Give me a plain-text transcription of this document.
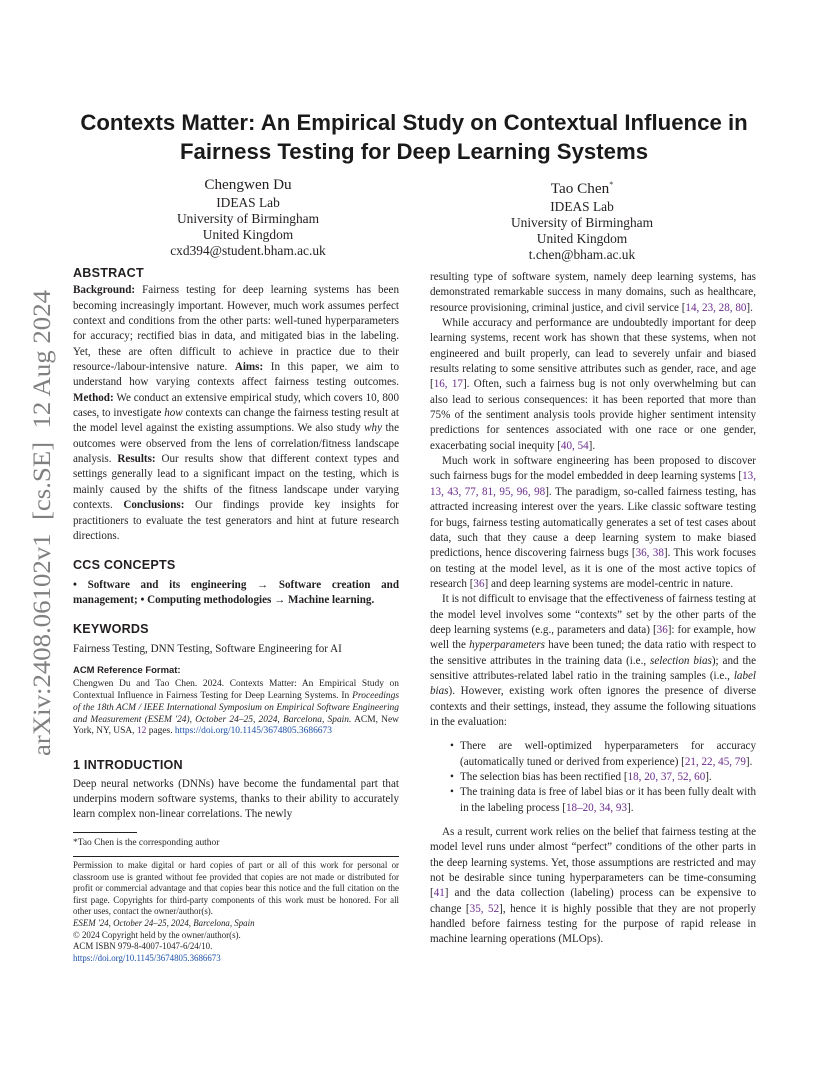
arXiv:2408.06102v1  [cs.SE]  12 Aug 2024
Contexts Matter: An Empirical Study on Contextual Influence in
Fairness Testing for Deep Learning Systems
Chengwen Du
IDEAS Lab
University of Birmingham
United Kingdom
cxd394@student.bham.ac.uk
Tao Chen*
IDEAS Lab
University of Birmingham
United Kingdom
t.chen@bham.ac.uk
ABSTRACT

Background: Fairness testing for deep learning systems has been becoming increasingly important. However, much work assumes perfect context and conditions from the other parts: well-tuned hyperparameters for accuracy; rectified bias in data, and mitigated bias in the labeling. Yet, these are often difficult to achieve in practice due to their resource-/labour-intensive nature. Aims: In this paper, we aim to understand how varying contexts affect fairness testing outcomes. Method: We conduct an extensive empirical study, which covers 10, 800 cases, to investigate how contexts can change the fairness testing result at the model level against the existing assumptions. We also study why the outcomes were observed from the lens of correlation/fitness landscape analysis. Results: Our results show that different context types and settings generally lead to a significant impact on the testing, which is mainly caused by the shifts of the fitness landscape under varying contexts. Conclusions: Our findings provide key insights for practitioners to evaluate the test generators and hint at future research directions.

CCS CONCEPTS

• Software and its engineering → Software creation and management; • Computing methodologies → Machine learning.

KEYWORDS

Fairness Testing, DNN Testing, Software Engineering for AI

ACM Reference Format:

Chengwen Du and Tao Chen. 2024. Contexts Matter: An Empirical Study on Contextual Influence in Fairness Testing for Deep Learning Systems. In Proceedings of the 18th ACM / IEEE International Symposium on Empirical Software Engineering and Measurement (ESEM '24), October 24–25, 2024, Barcelona, Spain. ACM, New York, NY, USA, 12 pages. https://doi.org/10.1145/3674805.3686673

1 INTRODUCTION

Deep neural networks (DNNs) have become the fundamental part that underpins modern software systems, thanks to their ability to accurately learn complex non-linear correlations. The newly

*Tao Chen is the corresponding author
Permission to make digital or hard copies of part or all of this work for personal or classroom use is granted without fee provided that copies are not made or distributed for profit or commercial advantage and that copies bear this notice and the full citation on the first page. Copyrights for third-party components of this work must be honored. For all other uses, contact the owner/author(s).
ESEM '24, October 24–25, 2024, Barcelona, Spain
© 2024 Copyright held by the owner/author(s).
ACM ISBN 979-8-4007-1047-6/24/10.
https://doi.org/10.1145/3674805.3686673

resulting type of software system, namely deep learning systems, has demonstrated remarkable success in many domains, such as healthcare, resource provisioning, criminal justice, and civil service [14, 23, 28, 80].

While accuracy and performance are undoubtedly important for deep learning systems, recent work has shown that these systems, when not engineered and built properly, can lead to severely unfair and biased results relating to some sensitive attributes such as gender, race, and age [16, 17]. Often, such a fairness bug is not only overwhelming but can also lead to serious consequences: it has been reported that more than 75% of the sentiment analysis tools provide higher sentiment intensity predictions for sentences associated with one race or one gender, exacerbating social inequity [40, 54].

Much work in software engineering has been proposed to discover such fairness bugs for the model embedded in deep learning systems [13, 13, 43, 77, 81, 95, 96, 98]. The paradigm, so-called fairness testing, has attracted increasing interest over the years. Like classic software testing for bugs, fairness testing automatically generates a set of test cases about data, such that they cause a deep learning system to make biased predictions, hence discovering fairness bugs [36, 38]. This work focuses on testing at the model level, as it is one of the most active topics of research [36] and deep learning systems are model-centric in nature.

It is not difficult to envisage that the effectiveness of fairness testing at the model level involves some “contexts” set by the other parts of the deep learning systems (e.g., parameters and data) [36]: for example, how well the hyperparameters have been tuned; the data ratio with respect to the sensitive attributes in the training data (i.e., selection bias); and the sensitive attributes-related label ratio in the training samples (i.e., label bias). However, existing work often ignores the presence of diverse contexts and their settings, instead, they assume the following situations in the evaluation:

• There are well-optimized hyperparameters for accuracy (automatically tuned or derived from experience) [21, 22, 45, 79].
• The selection bias has been rectified [18, 20, 37, 52, 60].
• The training data is free of label bias or it has been fully dealt with in the labeling process [18–20, 34, 93].

As a result, current work relies on the belief that fairness testing at the model level runs under almost “perfect” conditions of the other parts in the deep learning systems. Yet, those assumptions are restricted and may not be desirable since tuning hyperparameters can be time-consuming [41] and the data collection (labeling) process can be expensive to change [35, 52], hence it is highly possible that they are not properly handled before fairness testing for the purpose of rapid release in machine learning operations (MLOps).
